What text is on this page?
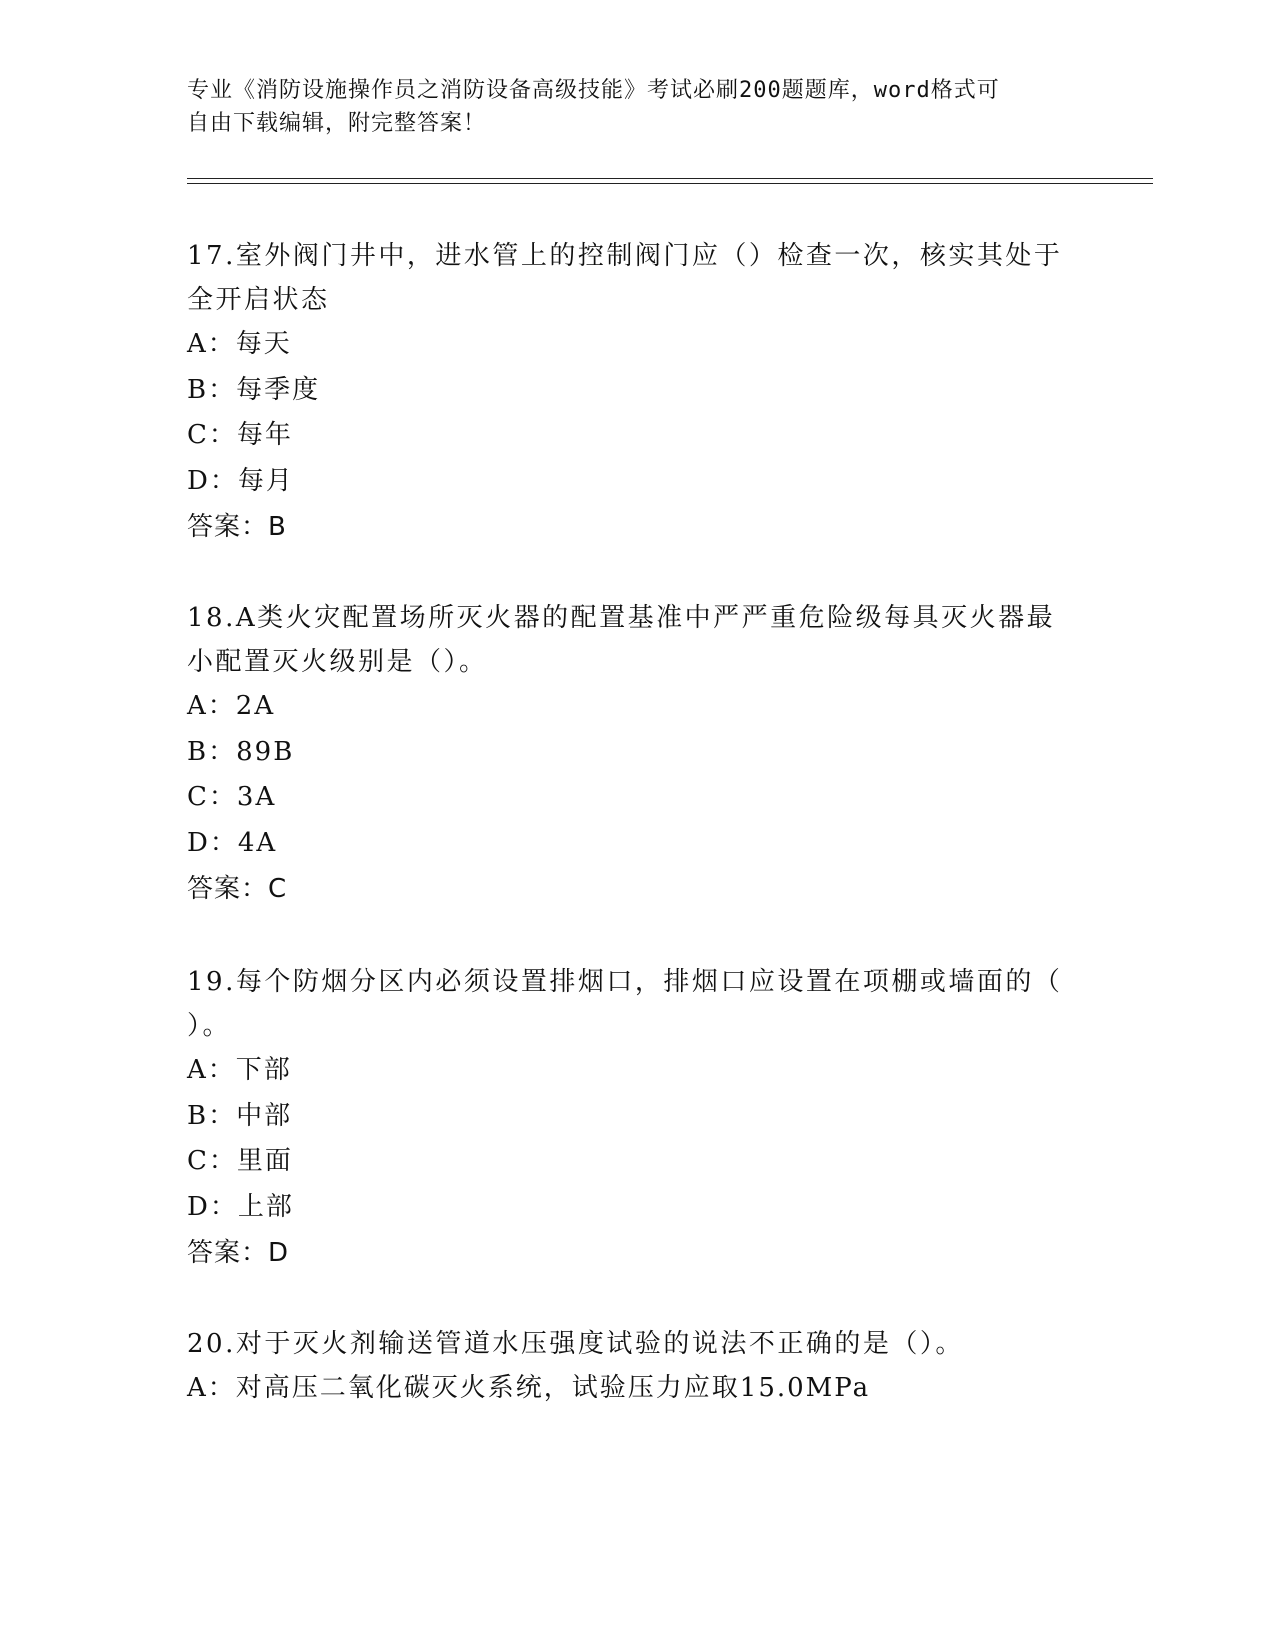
专业《消防设施操作员之消防设备高级技能》考试必刷200题题库，word格式可
自由下载编辑，附完整答案！
17.室外阀门井中，进水管上的控制阀门应（）检查一次，核实其处于
全开启状态
A：每天
B：每季度
C：每年
D：每月
答案：B
18.A类火灾配置场所灭火器的配置基准中严严重危险级每具灭火器最
小配置灭火级别是（）。
A：2A
B：89B
C：3A
D：4A
答案：C
19.每个防烟分区内必须设置排烟口，排烟口应设置在项棚或墙面的（
）。
A：下部
B：中部
C：里面
D：上部
答案：D
20.对于灭火剂输送管道水压强度试验的说法不正确的是（）。
A：对高压二氧化碳灭火系统，试验压力应取15.0MPa
